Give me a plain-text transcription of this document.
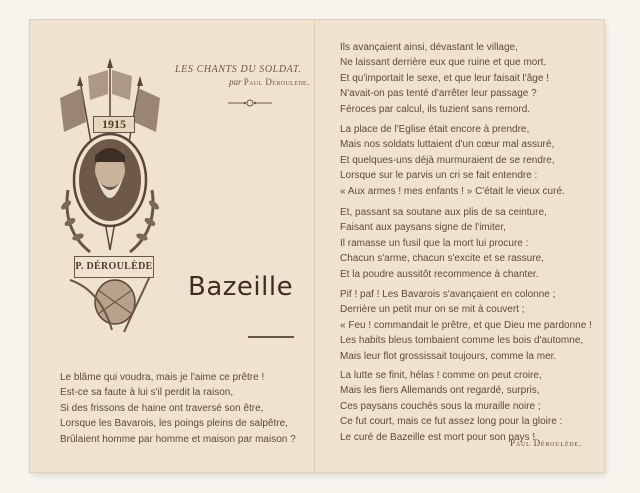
1915
P. DÉROULÈDE
LES CHANTS DU SOLDAT.
par Paul Déroulède.
Bazeille
Le blâme qui voudra, mais je l'aime ce prêtre !
Est-ce sa faute à lui s'il perdit la raison,
Si des frissons de haine ont traversé son être,
Lorsque les Bavarois, les poings pleins de salpêtre,
Brûlaient homme par homme et maison par maison ?
Ils avançaient ainsi, dévastant le village,
Ne laissant derrière eux que ruine et que mort.
Et qu'importait le sexe, et que leur faisait l'âge !
N'avait-on pas tenté d'arrêter leur passage ?
Féroces par calcul, ils tuzient sans remord.
La place de l'Eglise était encore à prendre,
Mais nos soldats luttaient d'un cœur mal assuré,
Et quelques-uns déjà murmuraient de se rendre,
Lorsque sur le parvis un cri se fait entendre :
« Aux armes ! mes enfants ! » C'était le vieux curé.
Et, passant sa soutane aux plis de sa ceinture,
Faisant aux paysans signe de l'imiter,
Il ramasse un fusil que la mort lui procure :
Chacun s'arme, chacun s'excite et se rassure,
Et la poudre aussitôt recommence à chanter.
Pif ! paf ! Les Bavarois s'avançaient en colonne ;
Derrière un petit mur on se mit à couvert ;
« Feu ! commandait le prêtre, et que Dieu me pardonne !
Les habits bleus tombaient comme les bois d'automne,
Mais leur flot grossissait toujours, comme la mer.
La lutte se finit, hélas ! comme on peut croire,
Mais les fiers Allemands ont regardé, surpris,
Ces paysans couchés sous la muraille noire ;
Ce fut court, mais ce fut assez long pour la gloire :
Le curé de Bazeille est mort pour son pays !
Paul Déroulède.
